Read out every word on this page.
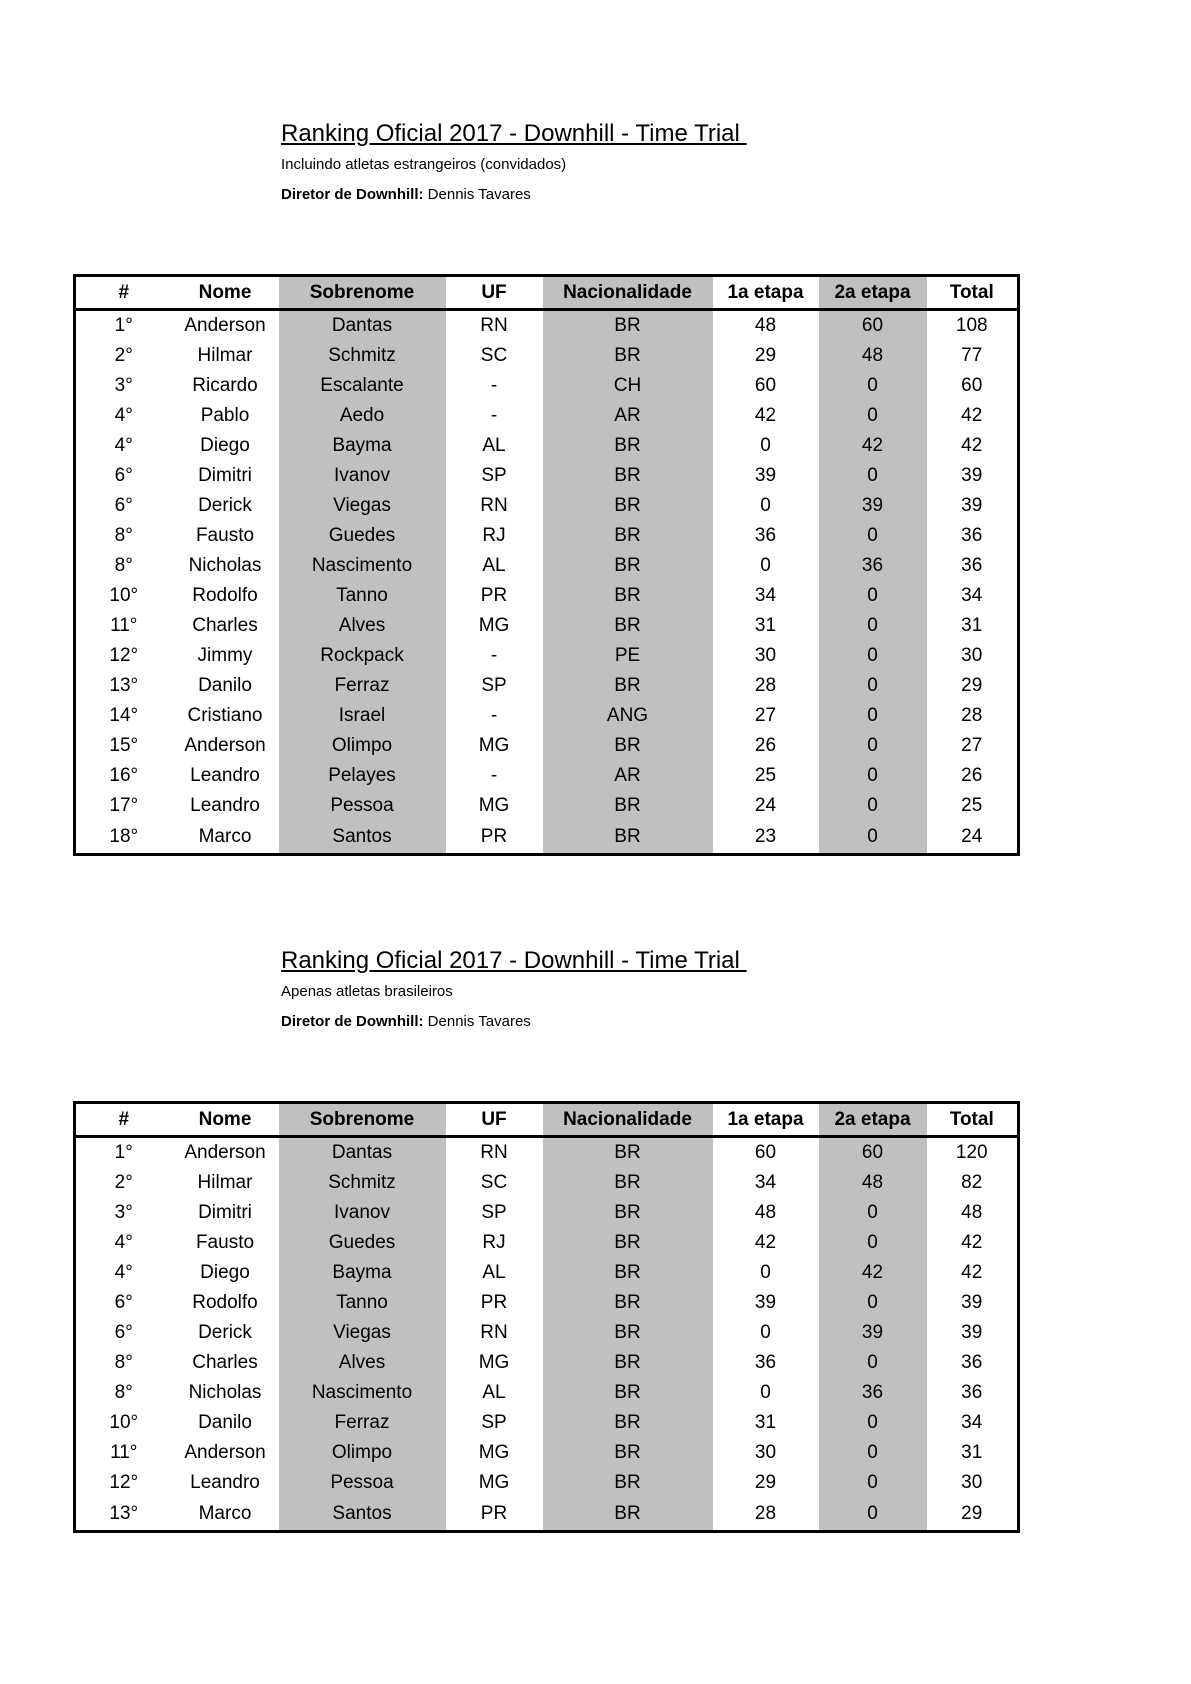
Ranking Oficial 2017 - Downhill - Time Trial
Incluindo atletas estrangeiros (convidados)
Diretor de Downhill: Dennis Tavares
#	Nome	Sobrenome	UF	Nacionalidade	1a etapa	2a etapa	Total
1°	Anderson	Dantas	RN	BR	48	60	108
2°	Hilmar	Schmitz	SC	BR	29	48	77
3°	Ricardo	Escalante	-	CH	60	0	60
4°	Pablo	Aedo	-	AR	42	0	42
4°	Diego	Bayma	AL	BR	0	42	42
6°	Dimitri	Ivanov	SP	BR	39	0	39
6°	Derick	Viegas	RN	BR	0	39	39
8°	Fausto	Guedes	RJ	BR	36	0	36
8°	Nicholas	Nascimento	AL	BR	0	36	36
10°	Rodolfo	Tanno	PR	BR	34	0	34
11°	Charles	Alves	MG	BR	31	0	31
12°	Jimmy	Rockpack	-	PE	30	0	30
13°	Danilo	Ferraz	SP	BR	28	0	29
14°	Cristiano	Israel	-	ANG	27	0	28
15°	Anderson	Olimpo	MG	BR	26	0	27
16°	Leandro	Pelayes	-	AR	25	0	26
17°	Leandro	Pessoa	MG	BR	24	0	25
18°	Marco	Santos	PR	BR	23	0	24
Ranking Oficial 2017 - Downhill - Time Trial
Apenas atletas brasileiros
Diretor de Downhill: Dennis Tavares
#	Nome	Sobrenome	UF	Nacionalidade	1a etapa	2a etapa	Total
1°	Anderson	Dantas	RN	BR	60	60	120
2°	Hilmar	Schmitz	SC	BR	34	48	82
3°	Dimitri	Ivanov	SP	BR	48	0	48
4°	Fausto	Guedes	RJ	BR	42	0	42
4°	Diego	Bayma	AL	BR	0	42	42
6°	Rodolfo	Tanno	PR	BR	39	0	39
6°	Derick	Viegas	RN	BR	0	39	39
8°	Charles	Alves	MG	BR	36	0	36
8°	Nicholas	Nascimento	AL	BR	0	36	36
10°	Danilo	Ferraz	SP	BR	31	0	34
11°	Anderson	Olimpo	MG	BR	30	0	31
12°	Leandro	Pessoa	MG	BR	29	0	30
13°	Marco	Santos	PR	BR	28	0	29
